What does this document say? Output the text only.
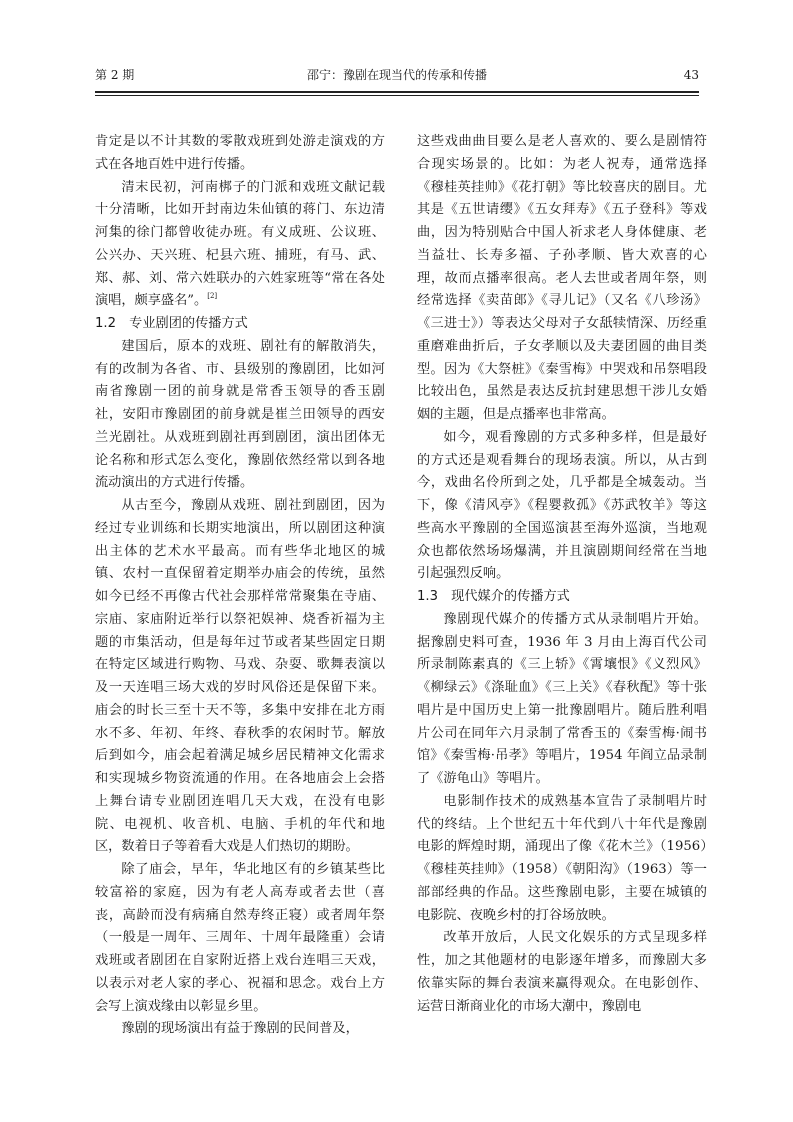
第 2 期	邵宁：豫剧在现当代的传承和传播	43

肯定是以不计其数的零散戏班到处游走演戏的方式在各地百姓中进行传播。

清末民初，河南梆子的门派和戏班文献记载十分清晰，比如开封南边朱仙镇的蒋门、东边清河集的徐门都曾收徒办班。有义成班、公议班、公兴办、天兴班、杞县六班、捕班，有马、武、郑、郝、刘、常六姓联办的六姓家班等“常在各处演唱，颇享盛名”。[2]

1.2　专业剧团的传播方式

建国后，原本的戏班、剧社有的解散消失，有的改制为各省、市、县级别的豫剧团，比如河南省豫剧一团的前身就是常香玉领导的香玉剧社，安阳市豫剧团的前身就是崔兰田领导的西安兰光剧社。从戏班到剧社再到剧团，演出团体无论名称和形式怎么变化，豫剧依然经常以到各地流动演出的方式进行传播。

从古至今，豫剧从戏班、剧社到剧团，因为经过专业训练和长期实地演出，所以剧团这种演出主体的艺术水平最高。而有些华北地区的城镇、农村一直保留着定期举办庙会的传统，虽然如今已经不再像古代社会那样常常聚集在寺庙、宗庙、家庙附近举行以祭祀娱神、烧香祈福为主题的市集活动，但是每年过节或者某些固定日期在特定区域进行购物、马戏、杂耍、歌舞表演以及一天连唱三场大戏的岁时风俗还是保留下来。庙会的时长三至十天不等，多集中安排在北方雨水不多、年初、年终、春秋季的农闲时节。解放后到如今，庙会起着满足城乡居民精神文化需求和实现城乡物资流通的作用。在各地庙会上会搭上舞台请专业剧团连唱几天大戏，在没有电影院、电视机、收音机、电脑、手机的年代和地区，数着日子等着看大戏是人们热切的期盼。

除了庙会，早年，华北地区有的乡镇某些比较富裕的家庭，因为有老人高寿或者去世（喜丧，高龄而没有病痛自然寿终正寝）或者周年祭（一般是一周年、三周年、十周年最隆重）会请戏班或者剧团在自家附近搭上戏台连唱三天戏，以表示对老人家的孝心、祝福和思念。戏台上方会写上演戏缘由以彰显乡里。

豫剧的现场演出有益于豫剧的民间普及，

这些戏曲曲目要么是老人喜欢的、要么是剧情符合现实场景的。比如：为老人祝寿，通常选择《穆桂英挂帅》《花打朝》等比较喜庆的剧目。尤其是《五世请缨》《五女拜寿》《五子登科》等戏曲，因为特别贴合中国人祈求老人身体健康、老当益壮、长寿多福、子孙孝顺、皆大欢喜的心理，故而点播率很高。老人去世或者周年祭，则经常选择《卖苗郎》《寻儿记》（又名《八珍汤》《三进士》）等表达父母对子女舐犊情深、历经重重磨难曲折后，子女孝顺以及夫妻团圆的曲目类型。因为《大祭桩》《秦雪梅》中哭戏和吊祭唱段比较出色，虽然是表达反抗封建思想干涉儿女婚姻的主题，但是点播率也非常高。

如今，观看豫剧的方式多种多样，但是最好的方式还是观看舞台的现场表演。所以，从古到今，戏曲名伶所到之处，几乎都是全城轰动。当下，像《清风亭》《程婴救孤》《苏武牧羊》等这些高水平豫剧的全国巡演甚至海外巡演，当地观众也都依然场场爆满，并且演剧期间经常在当地引起强烈反响。

1.3　现代媒介的传播方式

豫剧现代媒介的传播方式从录制唱片开始。据豫剧史料可查，1936 年 3 月由上海百代公司所录制陈素真的《三上轿》《霄壤恨》《义烈风》《柳绿云》《涤耻血》《三上关》《春秋配》等十张唱片是中国历史上第一批豫剧唱片。随后胜利唱片公司在同年六月录制了常香玉的《秦雪梅·闹书馆》《秦雪梅·吊孝》等唱片，1954 年阎立品录制了《游龟山》等唱片。

电影制作技术的成熟基本宣告了录制唱片时代的终结。上个世纪五十年代到八十年代是豫剧电影的辉煌时期，涌现出了像《花木兰》（1956）《穆桂英挂帅》（1958）《朝阳沟》（1963）等一部部经典的作品。这些豫剧电影，主要在城镇的电影院、夜晚乡村的打谷场放映。

改革开放后，人民文化娱乐的方式呈现多样性，加之其他题材的电影逐年增多，而豫剧大多依靠实际的舞台表演来赢得观众。在电影创作、运营日渐商业化的市场大潮中，豫剧电
